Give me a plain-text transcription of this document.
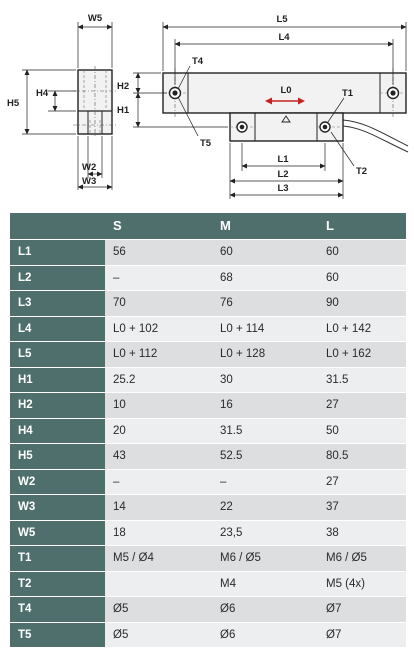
W5
H4
H5
W2
W3
L0
L5
L4
H2
H1
L1
L2
L3
T4
T5
T1
T2
	S	M	L
L1	56	60	60
L2	–	68	60
L3	70	76	90
L4	L0 + 102	L0 + 114	L0 + 142
L5	L0 + 112	L0 + 128	L0 + 162
H1	25.2	30	31.5
H2	10	16	27
H4	20	31.5	50
H5	43	52.5	80.5
W2	–	–	27
W3	14	22	37
W5	18	23,5	38
T1	M5 / Ø4	M6 / Ø5	M6 / Ø5
T2		M4	M5 (4x)
T4	Ø5	Ø6	Ø7
T5	Ø5	Ø6	Ø7
